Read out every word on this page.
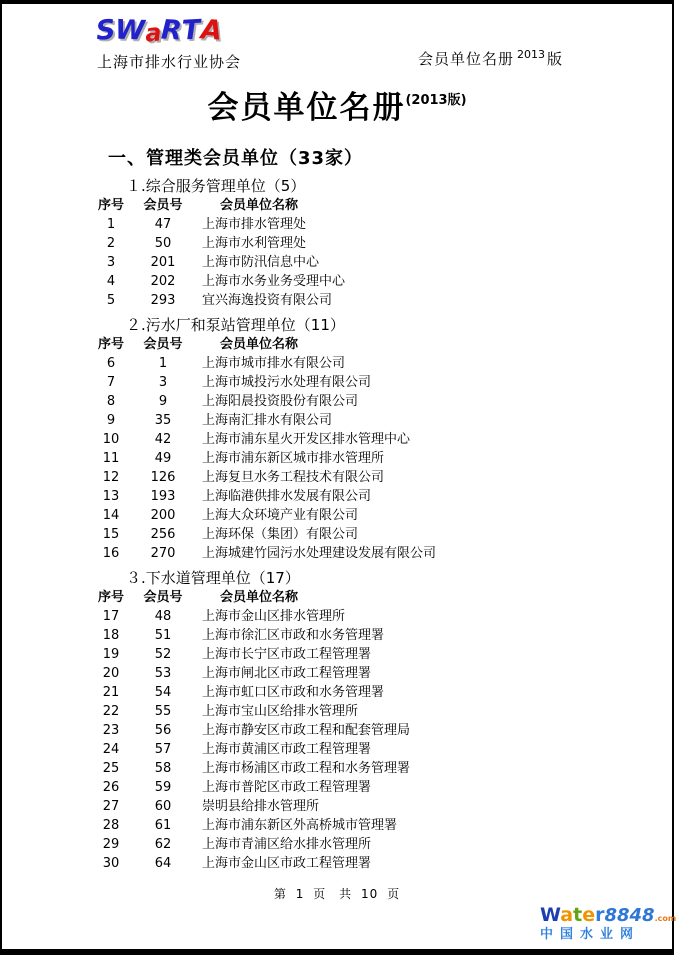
SWaRTA
上海市排水行业协会	会员单位名册 $^{2013}$ 版
会员单位名册$^{(2013版)}$
一、管理类会员单位（33家）
１.综合服务管理单位（5）
序号	会员号	会员单位名称
1	47	上海市排水管理处
2	50	上海市水利管理处
3	201	上海市防汛信息中心
4	202	上海市水务业务受理中心
5	293	宜兴海逸投资有限公司
２.污水厂和泵站管理单位（11）
序号	会员号	会员单位名称
6	1	上海市城市排水有限公司
7	3	上海市城投污水处理有限公司
8	9	上海阳晨投资股份有限公司
9	35	上海南汇排水有限公司
10	42	上海市浦东星火开发区排水管理中心
11	49	上海市浦东新区城市排水管理所
12	126	上海复旦水务工程技术有限公司
13	193	上海临港供排水发展有限公司
14	200	上海大众环境产业有限公司
15	256	上海环保（集团）有限公司
16	270	上海城建竹园污水处理建设发展有限公司
３.下水道管理单位（17）
序号	会员号	会员单位名称
17	48	上海市金山区排水管理所
18	51	上海市徐汇区市政和水务管理署
19	52	上海市长宁区市政工程管理署
20	53	上海市闸北区市政工程管理署
21	54	上海市虹口区市政和水务管理署
22	55	上海市宝山区给排水管理所
23	56	上海市静安区市政工程和配套管理局
24	57	上海市黄浦区市政工程管理署
25	58	上海市杨浦区市政工程和水务管理署
26	59	上海市普陀区市政工程管理署
27	60	崇明县给排水管理所
28	61	上海市浦东新区外高桥城市管理署
29	62	上海市青浦区给水排水管理所
30	64	上海市金山区市政工程管理署
第 1 页　共 10 页
Water8848.com
中国水业网
